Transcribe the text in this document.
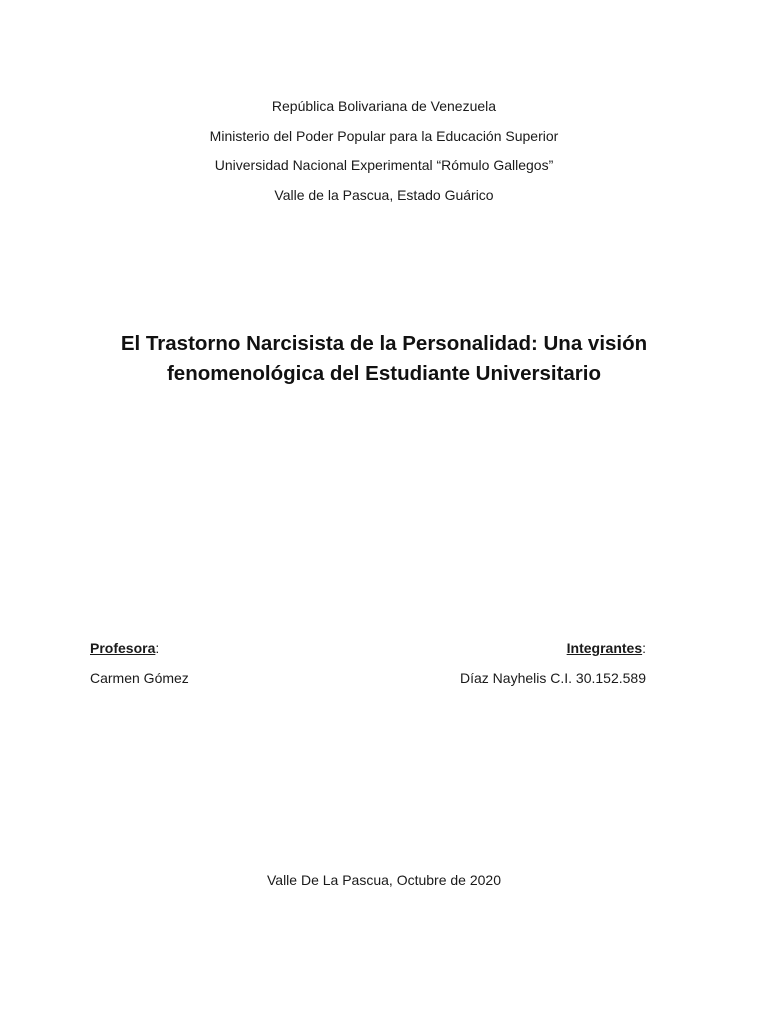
República Bolivariana de Venezuela
Ministerio del Poder Popular para la Educación Superior
Universidad Nacional Experimental “Rómulo Gallegos”
Valle de la Pascua, Estado Guárico
El Trastorno Narcisista de la Personalidad: Una visión
fenomenológica del Estudiante Universitario
Profesora:
Carmen Gómez
Integrantes:
Díaz Nayhelis C.I. 30.152.589
Valle De La Pascua, Octubre de 2020
